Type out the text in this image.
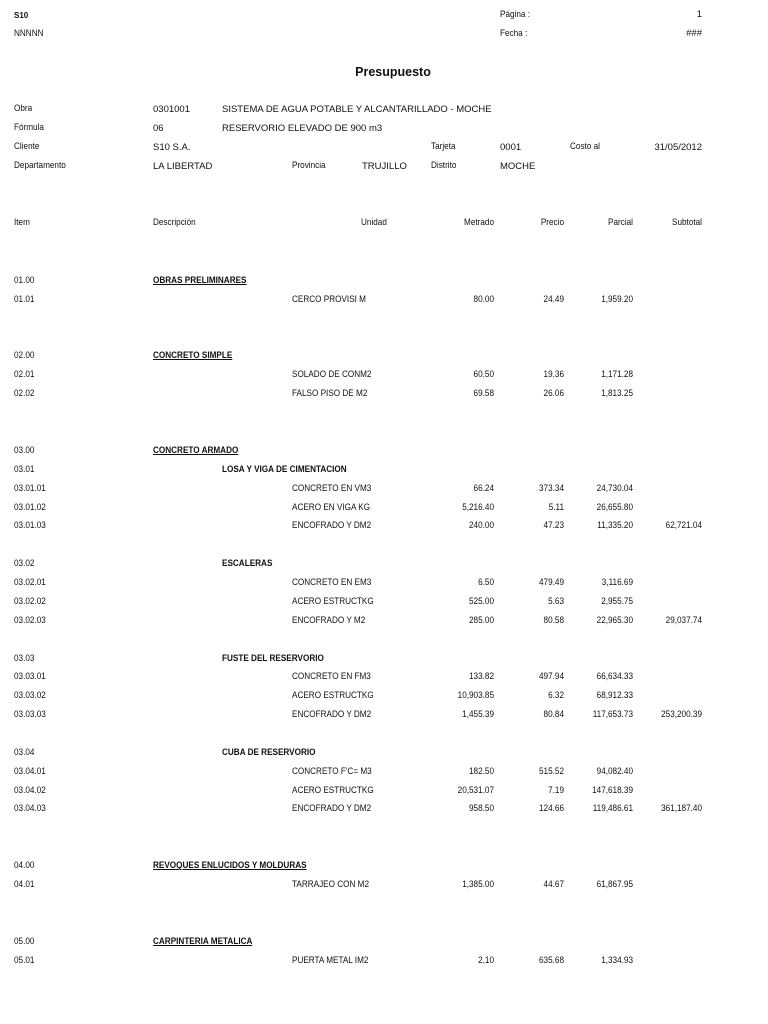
S10
NNNNN
Página :	1
Fecha :	###
Presupuesto
Obra	0301001	SISTEMA DE AGUA POTABLE Y ALCANTARILLADO - MOCHE
Fórmula	06	RESERVORIO ELEVADO DE 900 m3
Cliente	S10 S.A.	Tarjeta	0001	Costo al	31/05/2012
Departamento	LA LIBERTAD	Provincia	TRUJILLO	Distrito	MOCHE
Item	Descripción	Unidad	Metrado	Precio	Parcial	Subtotal
01.00	OBRAS PRELIMINARES
01.01	CERCO PROVISI M	80.00	24.49	1,959.20
02.00	CONCRETO SIMPLE
02.01	SOLADO DE CONM2	60.50	19.36	1,171.28
02.02	FALSO PISO DE M2	69.58	26.06	1,813.25
03.00	CONCRETO ARMADO
03.01	LOSA Y VIGA DE CIMENTACION
03.01.01	CONCRETO EN VM3	66.24	373.34	24,730.04
03.01.02	ACERO EN VIGA KG	5,216.40	5.11	26,655.80
03.01.03	ENCOFRADO Y DM2	240.00	47.23	11,335.20	62,721.04
03.02	ESCALERAS
03.02.01	CONCRETO EN EM3	6.50	479.49	3,116.69
03.02.02	ACERO ESTRUCTKG	525.00	5.63	2,955.75
03.02.03	ENCOFRADO Y M2	285.00	80.58	22,965.30	29,037.74
03.03	FUSTE DEL RESERVORIO
03.03.01	CONCRETO EN FM3	133.82	497.94	66,634.33
03.03.02	ACERO ESTRUCTKG	10,903.85	6.32	68,912.33
03.03.03	ENCOFRADO Y DM2	1,455.39	80.84	117,653.73	253,200.39
03.04	CUBA DE RESERVORIO
03.04.01	CONCRETO F'C= M3	182.50	515.52	94,082.40
03.04.02	ACERO ESTRUCTKG	20,531.07	7.19	147,618.39
03.04.03	ENCOFRADO Y DM2	958.50	124.66	119,486.61	361,187.40
04.00	REVOQUES ENLUCIDOS Y MOLDURAS
04.01	TARRAJEO CON M2	1,385.00	44.67	61,867.95
05.00	CARPINTERIA METALICA
05.01	PUERTA METAL IM2	2.10	635.68	1,334.93
